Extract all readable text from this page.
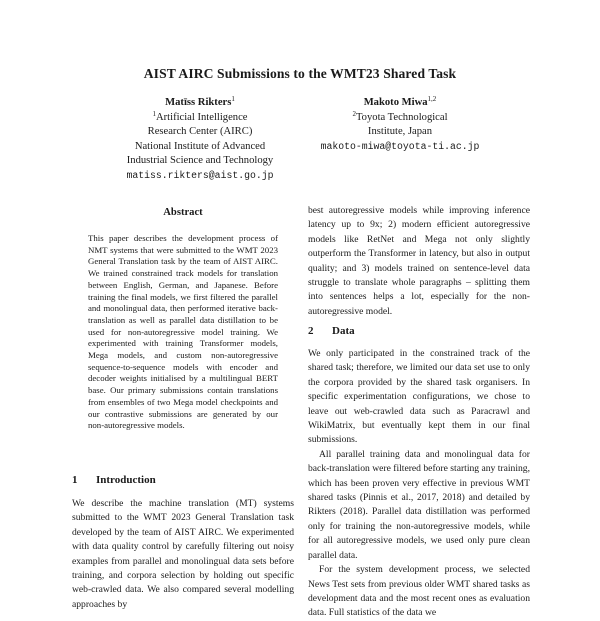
AIST AIRC Submissions to the WMT23 Shared Task
Matīss Rikters$^1$
$^1$Artificial Intelligence
Research Center (AIRC)
National Institute of Advanced
Industrial Science and Technology
matiss.rikters@aist.go.jp
Makoto Miwa$^{1,2}$
$^2$Toyota Technological
Institute, Japan
makoto-miwa@toyota-ti.ac.jp
Abstract
This paper describes the development process of NMT systems that were submitted to the WMT 2023 General Translation task by the team of AIST AIRC. We trained constrained track models for translation between English, German, and Japanese. Before training the final models, we first filtered the parallel and monolingual data, then performed iterative back-translation as well as parallel data distillation to be used for non-autoregressive model training. We experimented with training Transformer models, Mega models, and custom non-autoregressive sequence-to-sequence models with encoder and decoder weights initialised by a multilingual BERT base. Our primary submissions contain translations from ensembles of two Mega model checkpoints and our contrastive submissions are generated by our non-autoregressive models.
1 Introduction

We describe the machine translation (MT) systems submitted to the WMT 2023 General Translation task developed by the team of AIST AIRC. We experimented with data quality control by carefully filtering out noisy examples from parallel and monolingual data sets before training, and corpora selection by holding out specific web-crawled data. We also compared several modelling approaches by

best autoregressive models while improving inference latency up to 9x; 2) modern efficient autoregressive models like RetNet and Mega not only slightly outperform the Transformer in latency, but also in output quality; and 3) models trained on sentence-level data struggle to translate whole paragraphs – splitting them into sentences helps a lot, especially for the non-autoregressive model.

2 Data

We only participated in the constrained track of the shared task; therefore, we limited our data set use to only the corpora provided by the shared task organisers. In specific experimentation configurations, we chose to leave out web-crawled data such as Paracrawl and WikiMatrix, but eventually kept them in our final submissions.

All parallel training data and monolingual data for back-translation were filtered before starting any training, which has been proven very effective in previous WMT shared tasks (Pinnis et al., 2017, 2018) and detailed by Rikters (2018). Parallel data distillation was performed only for training the non-autoregressive models, while for all autoregressive models, we used only pure clean parallel data.

For the system development process, we selected News Test sets from previous older WMT shared tasks as development data and the most recent ones as evaluation data. Full statistics of the data we
